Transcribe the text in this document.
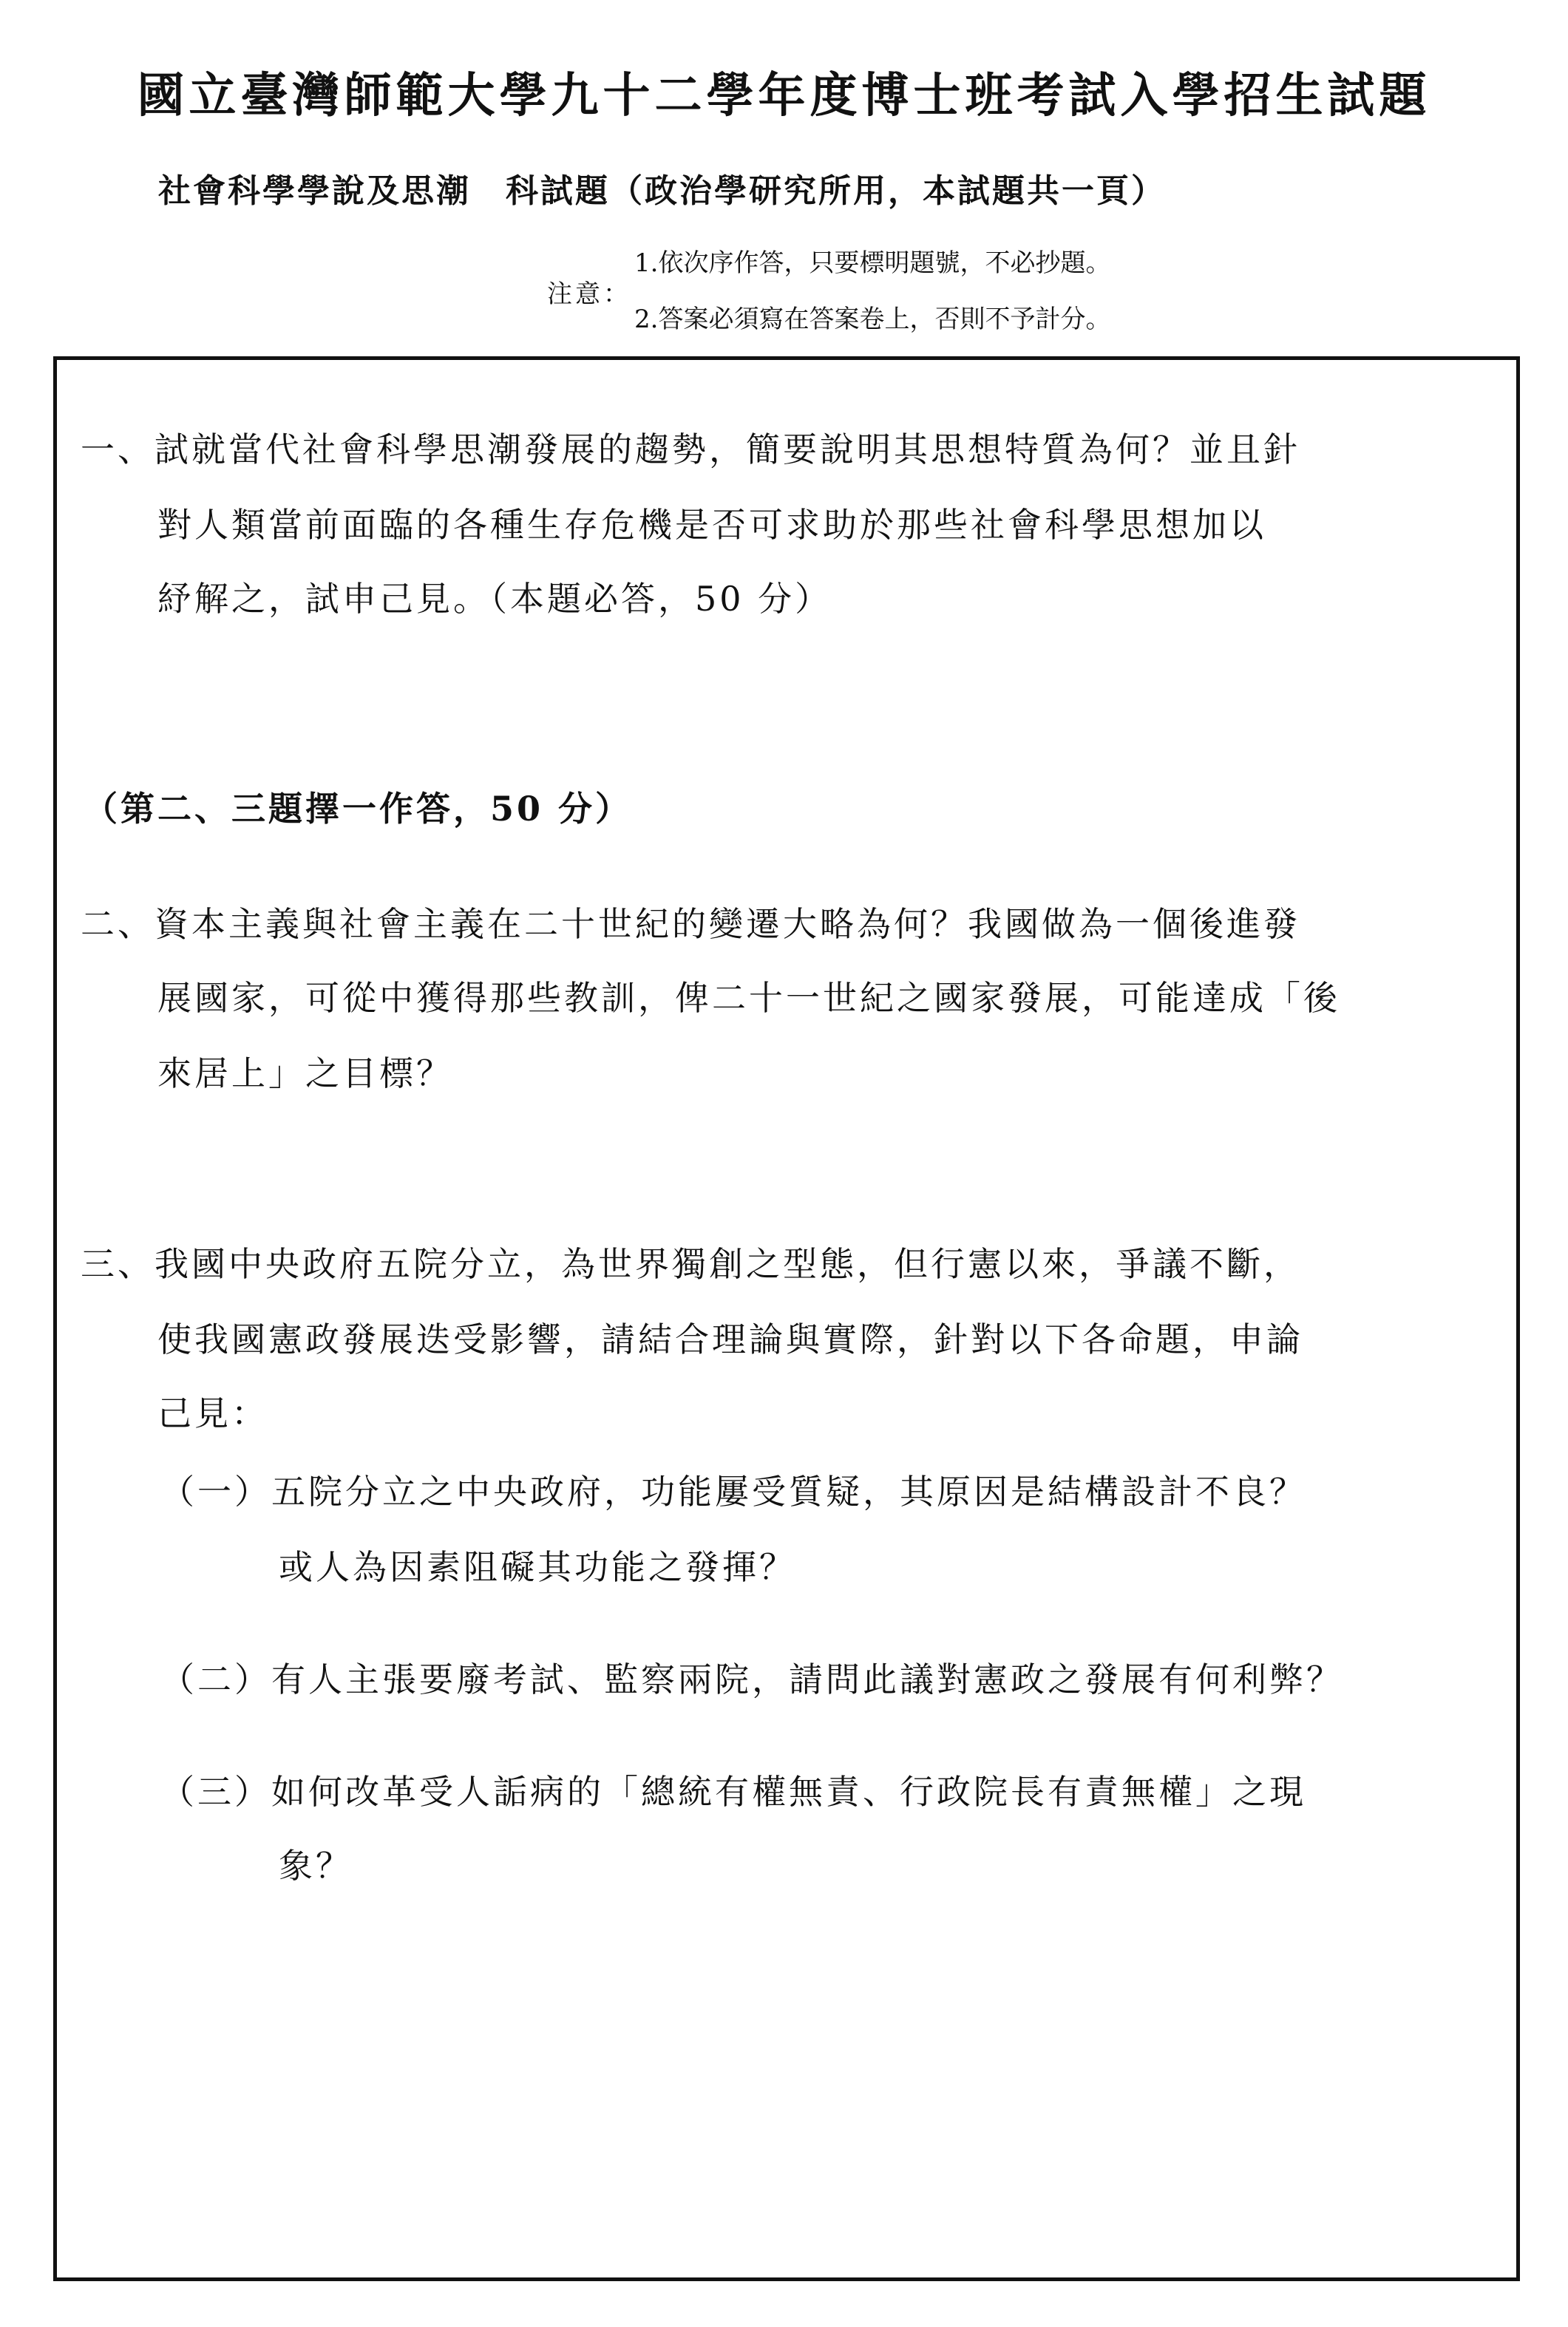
國立臺灣師範大學九十二學年度博士班考試入學招生試題
社會科學學說及思潮　科試題（政治學研究所用，本試題共一頁）
注意：
1.依次序作答，只要標明題號，不必抄題。
2.答案必須寫在答案卷上，否則不予計分。
一、試就當代社會科學思潮發展的趨勢，簡要說明其思想特質為何？並且針
對人類當前面臨的各種生存危機是否可求助於那些社會科學思想加以
紓解之，試申己見。（本題必答，50 分）
（第二、三題擇一作答，50 分）
二、資本主義與社會主義在二十世紀的變遷大略為何？我國做為一個後進發
展國家，可從中獲得那些教訓，俾二十一世紀之國家發展，可能達成「後
來居上」之目標？
三、我國中央政府五院分立，為世界獨創之型態，但行憲以來，爭議不斷，
使我國憲政發展迭受影響，請結合理論與實際，針對以下各命題，申論
己見：
（一）五院分立之中央政府，功能屢受質疑，其原因是結構設計不良？
或人為因素阻礙其功能之發揮？
（二）有人主張要廢考試、監察兩院，請問此議對憲政之發展有何利弊？
（三）如何改革受人詬病的「總統有權無責、行政院長有責無權」之現
象？
